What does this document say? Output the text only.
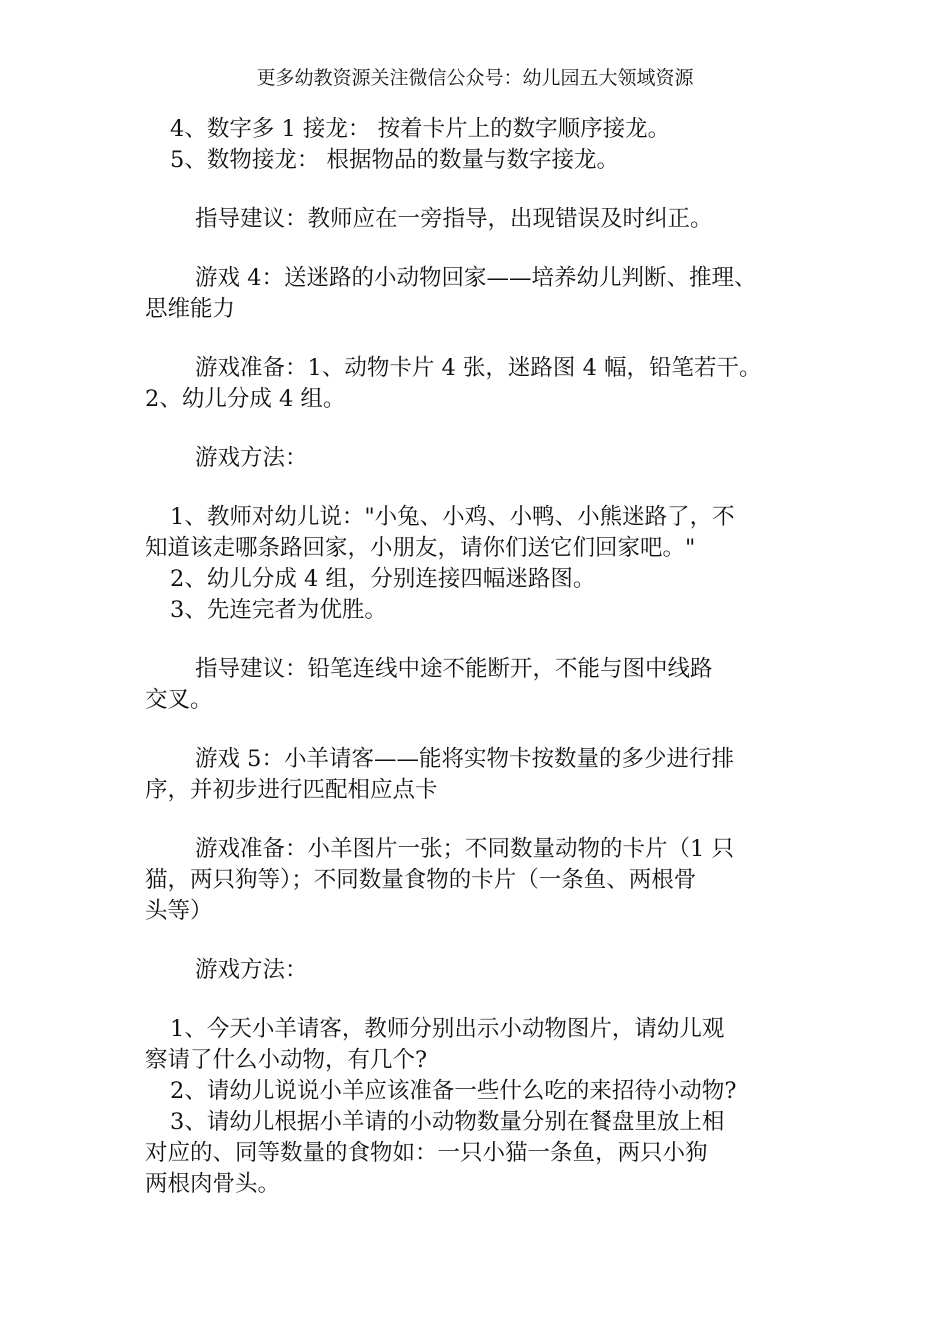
更多幼教资源关注微信公众号：幼儿园五大领域资源
4、数字多 1 接龙： 按着卡片上的数字顺序接龙。
5、数物接龙： 根据物品的数量与数字接龙。
指导建议：教师应在一旁指导，出现错误及时纠正。
游戏 4：送迷路的小动物回家——培养幼儿判断、推理、
思维能力
游戏准备：1、动物卡片 4 张，迷路图 4 幅，铅笔若干。
2、幼儿分成 4 组。
游戏方法：
1、教师对幼儿说："小兔、小鸡、小鸭、小熊迷路了，不
知道该走哪条路回家，小朋友，请你们送它们回家吧。"
2、幼儿分成 4 组，分别连接四幅迷路图。
3、先连完者为优胜。
指导建议：铅笔连线中途不能断开，不能与图中线路
交叉。
游戏 5：小羊请客——能将实物卡按数量的多少进行排
序，并初步进行匹配相应点卡
游戏准备：小羊图片一张；不同数量动物的卡片（1 只
猫，两只狗等）；不同数量食物的卡片（一条鱼、两根骨
头等）
游戏方法：
1、今天小羊请客，教师分别出示小动物图片，请幼儿观
察请了什么小动物，有几个?
2、请幼儿说说小羊应该准备一些什么吃的来招待小动物?
3、请幼儿根据小羊请的小动物数量分别在餐盘里放上相
对应的、同等数量的食物如：一只小猫一条鱼，两只小狗
两根肉骨头。
